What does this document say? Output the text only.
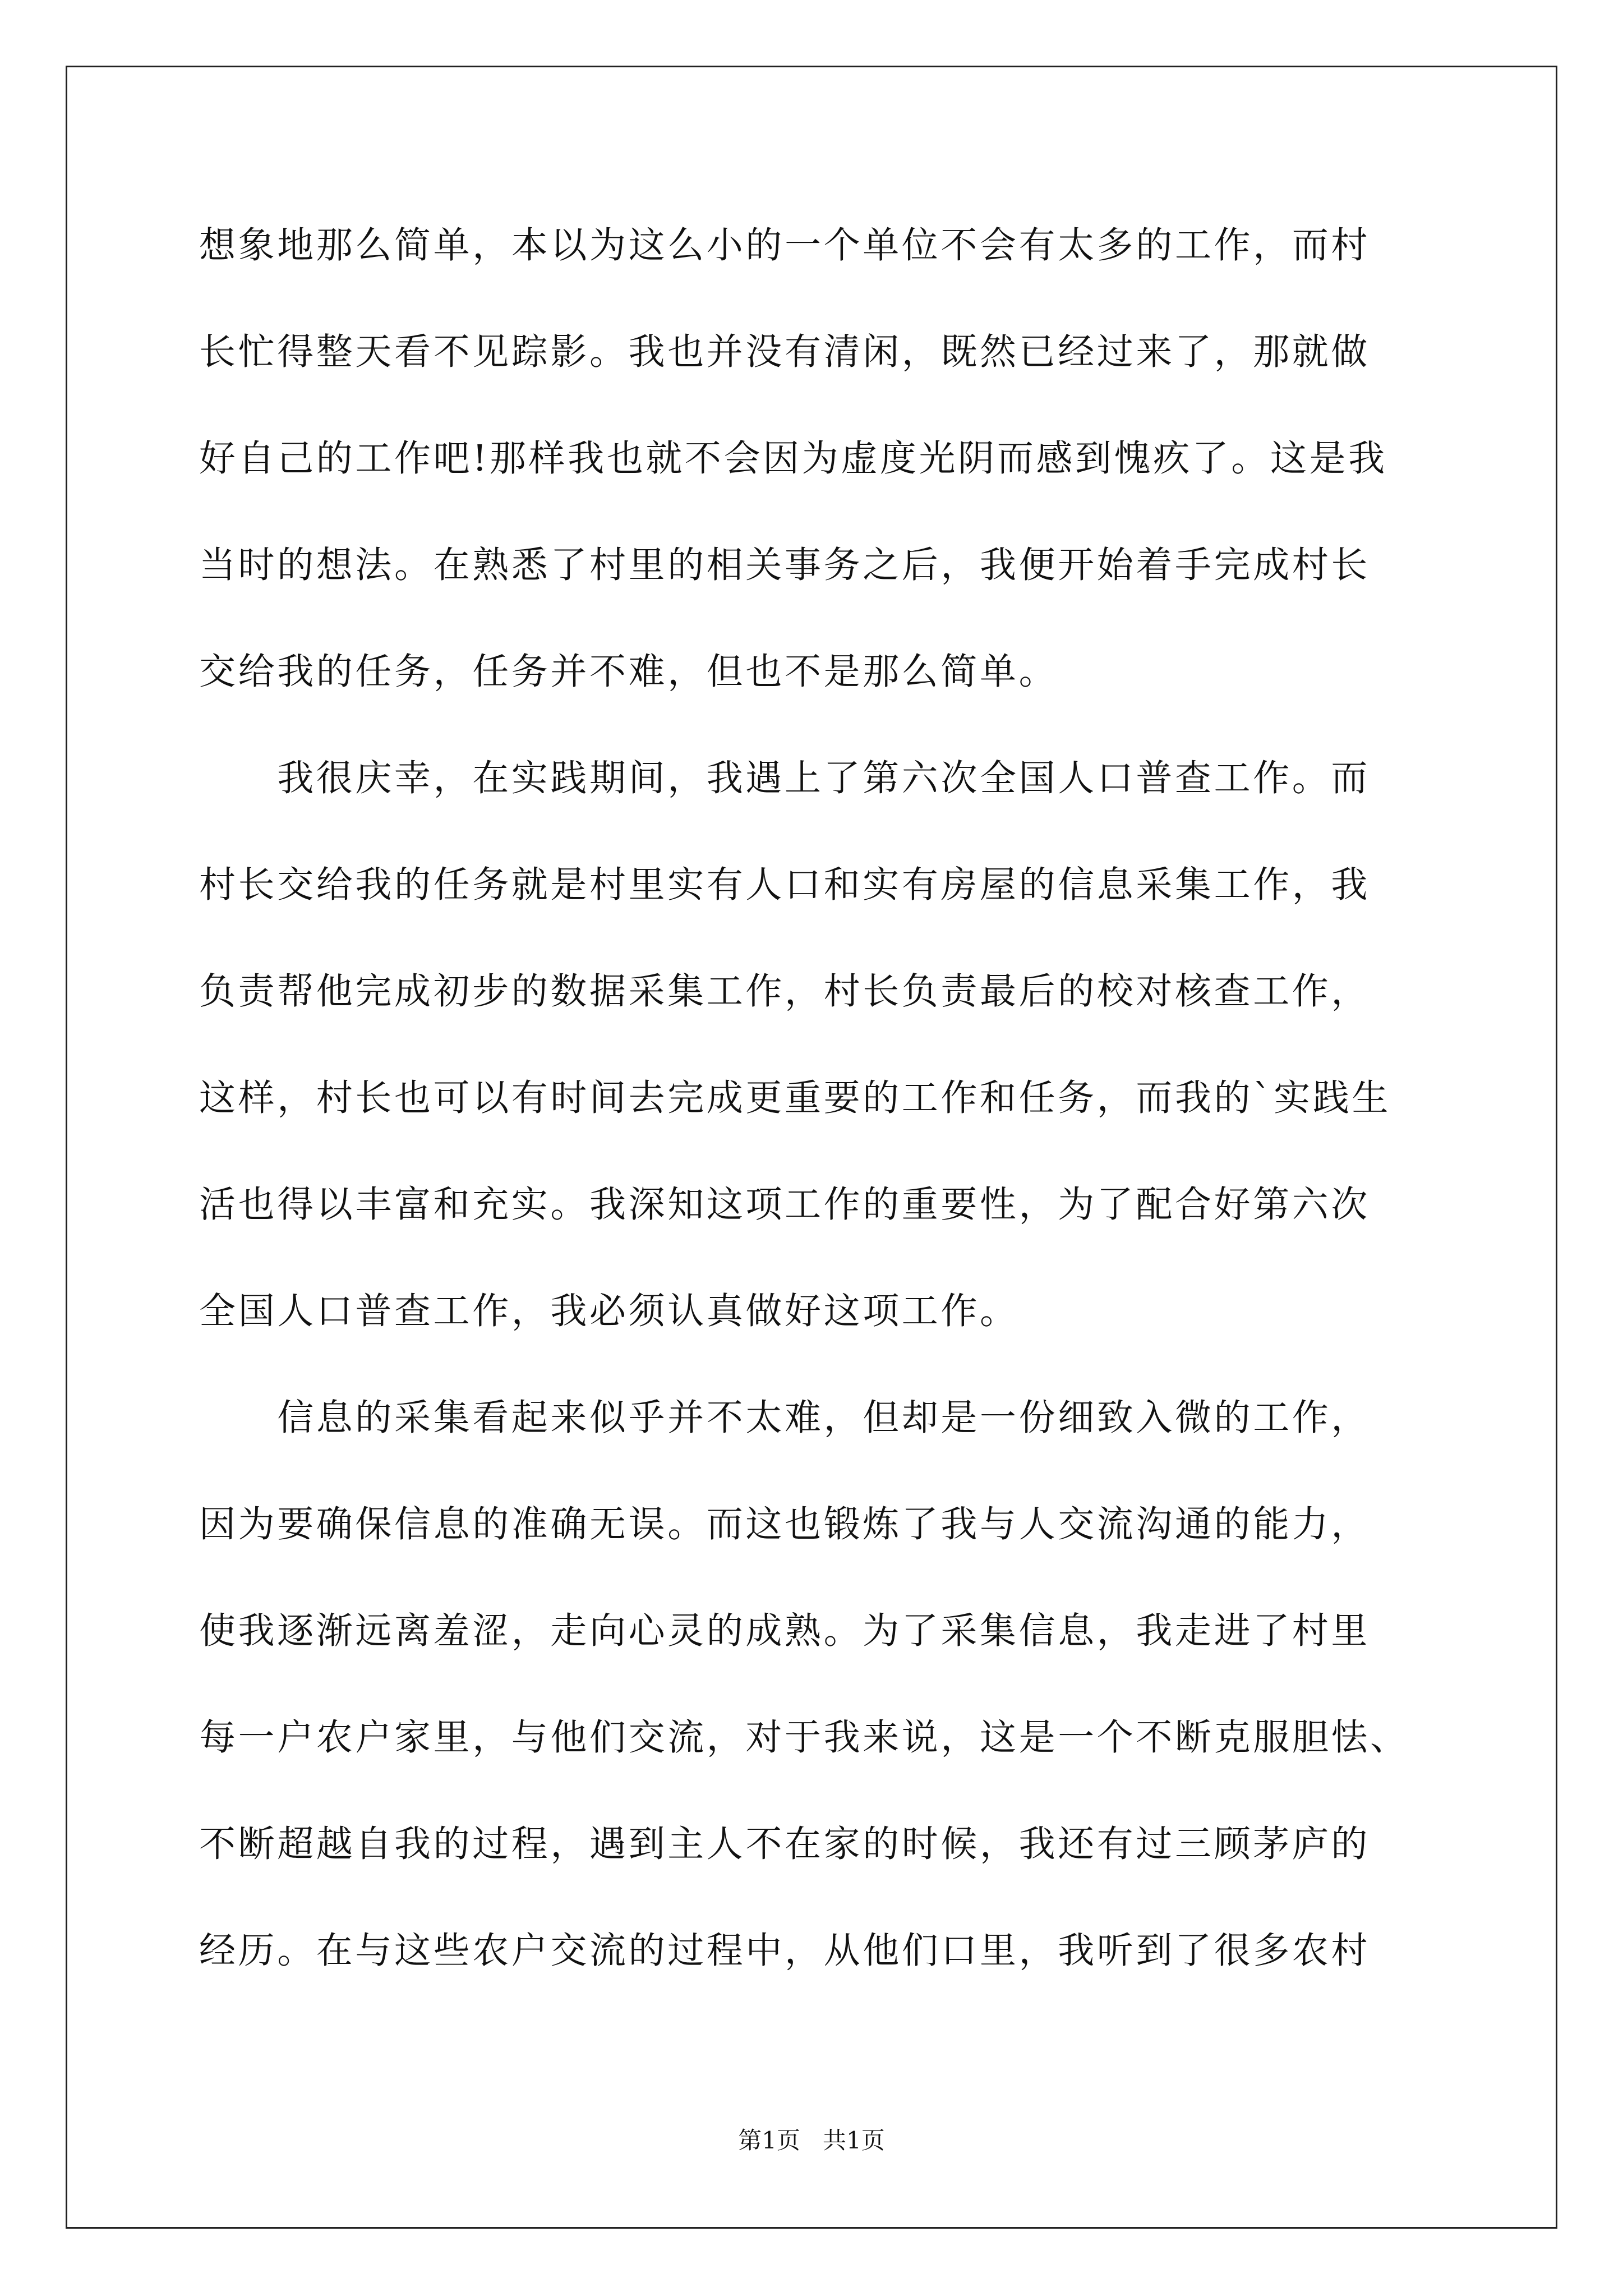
想象地那么简单，本以为这么小的一个单位不会有太多的工作，而村
长忙得整天看不见踪影。我也并没有清闲，既然已经过来了，那就做
好自己的工作吧!那样我也就不会因为虚度光阴而感到愧疚了。这是我
当时的想法。在熟悉了村里的相关事务之后，我便开始着手完成村长
交给我的任务，任务并不难，但也不是那么简单。
　　我很庆幸，在实践期间，我遇上了第六次全国人口普查工作。而
村长交给我的任务就是村里实有人口和实有房屋的信息采集工作，我
负责帮他完成初步的数据采集工作，村长负责最后的校对核查工作，
这样，村长也可以有时间去完成更重要的工作和任务，而我的`实践生
活也得以丰富和充实。我深知这项工作的重要性，为了配合好第六次
全国人口普查工作，我必须认真做好这项工作。
　　信息的采集看起来似乎并不太难，但却是一份细致入微的工作，
因为要确保信息的准确无误。而这也锻炼了我与人交流沟通的能力，
使我逐渐远离羞涩，走向心灵的成熟。为了采集信息，我走进了村里
每一户农户家里，与他们交流，对于我来说，这是一个不断克服胆怯、
不断超越自我的过程，遇到主人不在家的时候，我还有过三顾茅庐的
经历。在与这些农户交流的过程中，从他们口里，我听到了很多农村
第1页   共1页
